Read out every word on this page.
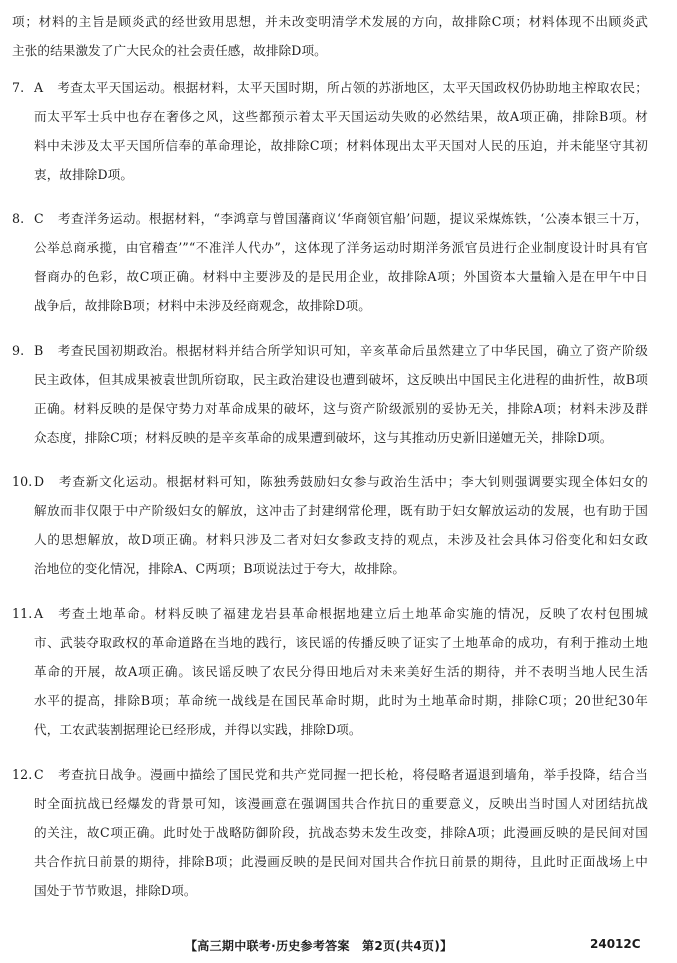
项；材料的主旨是顾炎武的经世致用思想，并未改变明清学术发展的方向，故排除C项；材料体现不出顾炎武
主张的结果激发了广大民众的社会责任感，故排除D项。
7. A 考查太平天国运动。根据材料，太平天国时期，所占领的苏浙地区，太平天国政权仍协助地主榨取农民；
而太平军士兵中也存在奢侈之风，这些都预示着太平天国运动失败的必然结果，故A项正确，排除B项。材
料中未涉及太平天国所信奉的革命理论，故排除C项；材料体现出太平天国对人民的压迫，并未能坚守其初
衷，故排除D项。
8. C 考查洋务运动。根据材料，“李鸿章与曾国藩商议‘华商领官船’问题，提议采煤炼铁，‘公凑本银三十万，
公举总商承揽，由官稽查’”“不准洋人代办”，这体现了洋务运动时期洋务派官员进行企业制度设计时具有官
督商办的色彩，故C项正确。材料中主要涉及的是民用企业，故排除A项；外国资本大量输入是在甲午中日
战争后，故排除B项；材料中未涉及经商观念，故排除D项。
9. B 考查民国初期政治。根据材料并结合所学知识可知，辛亥革命后虽然建立了中华民国，确立了资产阶级
民主政体，但其成果被袁世凯所窃取，民主政治建设也遭到破坏，这反映出中国民主化进程的曲折性，故B项
正确。材料反映的是保守势力对革命成果的破坏，这与资产阶级派别的妥协无关，排除A项；材料未涉及群
众态度，排除C项；材料反映的是辛亥革命的成果遭到破坏，这与其推动历史新旧递嬗无关，排除D项。
10. D 考查新文化运动。根据材料可知，陈独秀鼓励妇女参与政治生活中；李大钊则强调要实现全体妇女的
解放而非仅限于中产阶级妇女的解放，这冲击了封建纲常伦理，既有助于妇女解放运动的发展，也有助于国
人的思想解放，故D项正确。材料只涉及二者对妇女参政支持的观点，未涉及社会具体习俗变化和妇女政
治地位的变化情况，排除A、C两项；B项说法过于夸大，故排除。
11. A 考查土地革命。材料反映了福建龙岩县革命根据地建立后土地革命实施的情况，反映了农村包围城
市、武装夺取政权的革命道路在当地的践行，该民谣的传播反映了证实了土地革命的成功，有利于推动土地
革命的开展，故A项正确。该民谣反映了农民分得田地后对未来美好生活的期待，并不表明当地人民生活
水平的提高，排除B项；革命统一战线是在国民革命时期，此时为土地革命时期，排除C项；20世纪30年
代，工农武装割据理论已经形成，并得以实践，排除D项。
12. C 考查抗日战争。漫画中描绘了国民党和共产党同握一把长枪，将侵略者逼退到墙角，举手投降，结合当
时全面抗战已经爆发的背景可知，该漫画意在强调国共合作抗日的重要意义，反映出当时国人对团结抗战
的关注，故C项正确。此时处于战略防御阶段，抗战态势未发生改变，排除A项；此漫画反映的是民间对国
共合作抗日前景的期待，排除B项；此漫画反映的是民间对国共合作抗日前景的期待，且此时正面战场上中
国处于节节败退，排除D项。
【高三期中联考·历史参考答案　第2页(共4页)】	24012C
